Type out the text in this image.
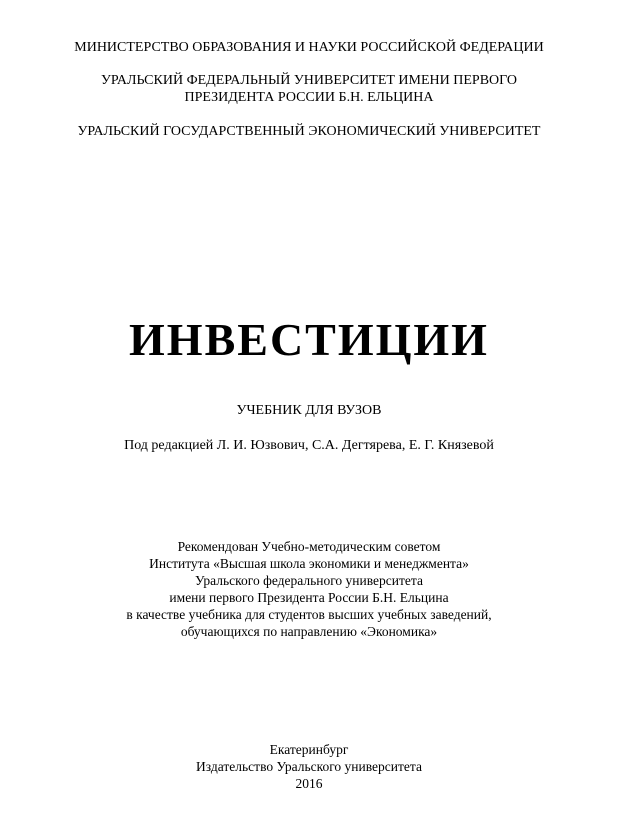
МИНИСТЕРСТВО ОБРАЗОВАНИЯ И НАУКИ РОССИЙСКОЙ ФЕДЕРАЦИИ
УРАЛЬСКИЙ ФЕДЕРАЛЬНЫЙ УНИВЕРСИТЕТ ИМЕНИ ПЕРВОГО
ПРЕЗИДЕНТА РОССИИ Б.Н. ЕЛЬЦИНА
УРАЛЬСКИЙ ГОСУДАРСТВЕННЫЙ ЭКОНОМИЧЕСКИЙ УНИВЕРСИТЕТ
ИНВЕСТИЦИИ
УЧЕБНИК ДЛЯ ВУЗОВ
Под редакцией Л. И. Юзвович, С.А. Дегтярева, Е. Г. Князевой
Рекомендован Учебно-методическим советом
Института «Высшая школа экономики и менеджмента»
Уральского федерального университета
имени первого Президента России Б.Н. Ельцина
в качестве учебника для студентов высших учебных заведений,
обучающихся по направлению «Экономика»
Екатеринбург
Издательство Уральского университета
2016
